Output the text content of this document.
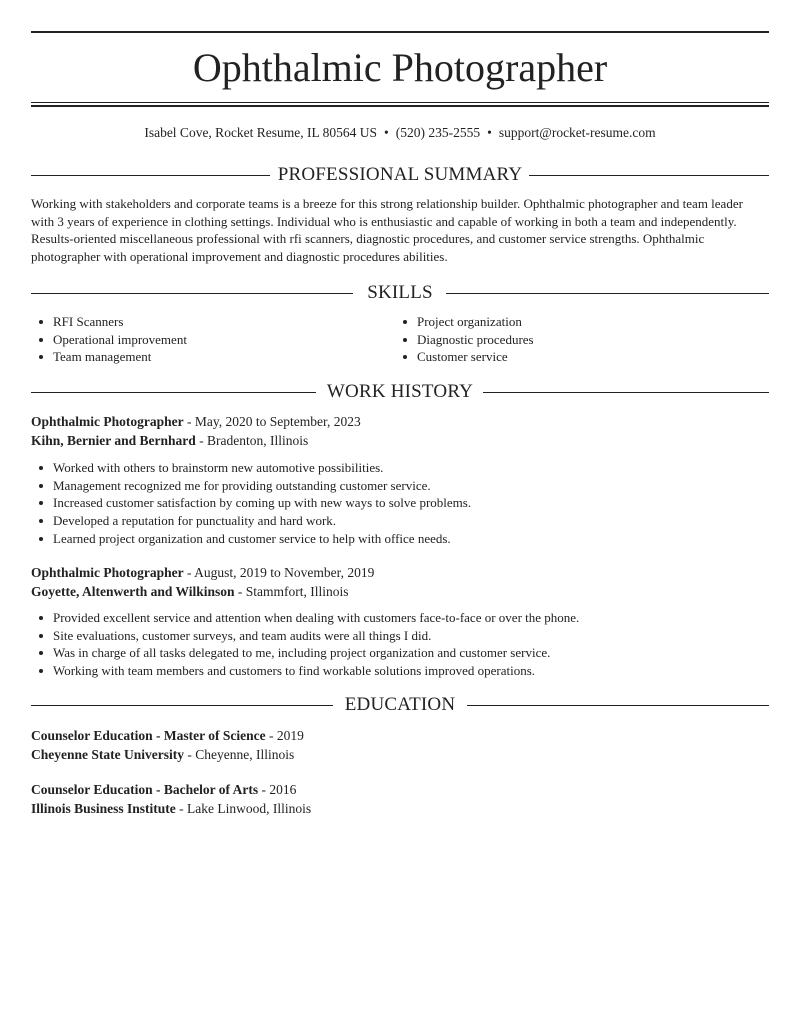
Ophthalmic Photographer
Isabel Cove, Rocket Resume, IL 80564 US • (520) 235-2555 • support@rocket-resume.com
PROFESSIONAL SUMMARY
Working with stakeholders and corporate teams is a breeze for this strong relationship builder. Ophthalmic photographer and team leader with 3 years of experience in clothing settings. Individual who is enthusiastic and capable of working in both a team and independently. Results-oriented miscellaneous professional with rfi scanners, diagnostic procedures, and customer service strengths. Ophthalmic photographer with operational improvement and diagnostic procedures abilities.
SKILLS
RFI Scanners
Operational improvement
Team management
Project organization
Diagnostic procedures
Customer service
WORK HISTORY
Ophthalmic Photographer - May, 2020 to September, 2023
Kihn, Bernier and Bernhard - Bradenton, Illinois
Worked with others to brainstorm new automotive possibilities.
Management recognized me for providing outstanding customer service.
Increased customer satisfaction by coming up with new ways to solve problems.
Developed a reputation for punctuality and hard work.
Learned project organization and customer service to help with office needs.
Ophthalmic Photographer - August, 2019 to November, 2019
Goyette, Altenwerth and Wilkinson - Stammfort, Illinois
Provided excellent service and attention when dealing with customers face-to-face or over the phone.
Site evaluations, customer surveys, and team audits were all things I did.
Was in charge of all tasks delegated to me, including project organization and customer service.
Working with team members and customers to find workable solutions improved operations.
EDUCATION
Counselor Education - Master of Science - 2019
Cheyenne State University - Cheyenne, Illinois
Counselor Education - Bachelor of Arts - 2016
Illinois Business Institute - Lake Linwood, Illinois
